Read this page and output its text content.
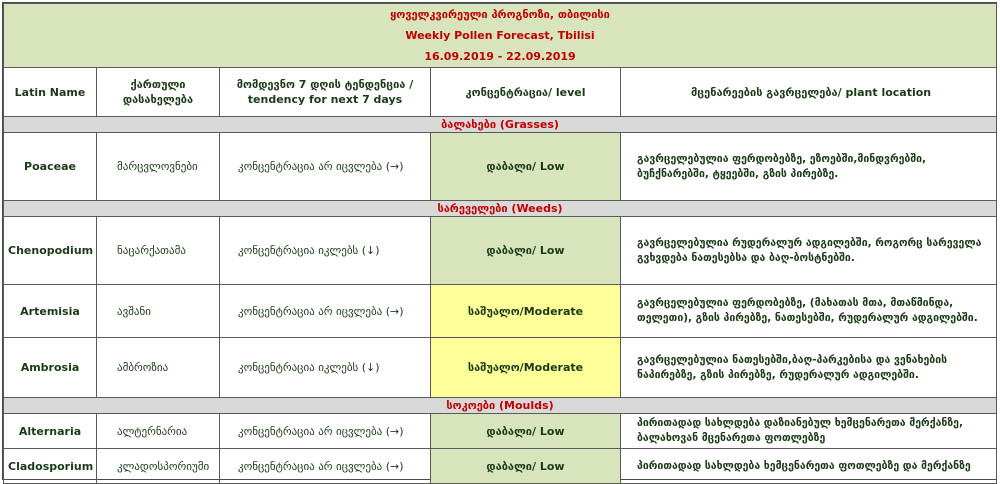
ყოველკვირეული პროგნოზი, თბილისი
Weekly Pollen Forecast, Tbilisi
16.09.2019 - 22.09.2019				

Latin Name	ქართული დასახელება	მომდევნო 7 დღის ტენდენცია / tendency for next 7 days	კონცენტრაცია/ level	მცენარეების გავრცელება/ plant location
ბალახები (Grasses)				
Poaceae	მარცვლოვნები	კონცენტრაცია არ იცვლება (→)	დაბალი/ Low	გავრცელებულია ფერდობებზე, ეზოებში,მინდვრებში, ბუჩქნარებში, ტყეებში, გზის პირებზე.
სარეველები (Weeds)				
Chenopodium	ნაცარქათამა	კონცენტრაცია იკლებს (↓)	დაბალი/ Low	გავრცელებულია რუდერალურ ადგილებში, როგორც სარეველა გვხვდება ნათესებსა და ბაღ-ბოსტნებში.
Artemisia	ავშანი	კონცენტრაცია არ იცვლება (→)	საშუალო/Moderate	გავრცელებულია ფერდობებზე, (მახათას მთა, მთაწმინდა, თელეთი), გზის პირებზე, ნათესებში, რუდერალურ ადგილებში.
Ambrosia	ამბროზია	კონცენტრაცია იკლებს (↓)	საშუალო/Moderate	გავრცელებულია ნათესებში,ბაღ-პარკებისა და ვენახების ნაპირებზე, გზის პირებზე, რუდერალურ ადგილებში.
სოკოები (Moulds)				
Alternaria	ალტერნარია	კონცენტრაცია არ იცვლება (→)	დაბალი/ Low	პირითადად სახლდება დაზიანებულ ხემცენარეთა მერქანზე, ბალახოვან მცენარეთა ფოთლებზე
Cladosporium	კლადოსპორიუმი	კონცენტრაცია არ იცვლება (→)	დაბალი/ Low	პირითადად სახლდება ხემცენარეთა ფოთლებზე და მერქანზე
